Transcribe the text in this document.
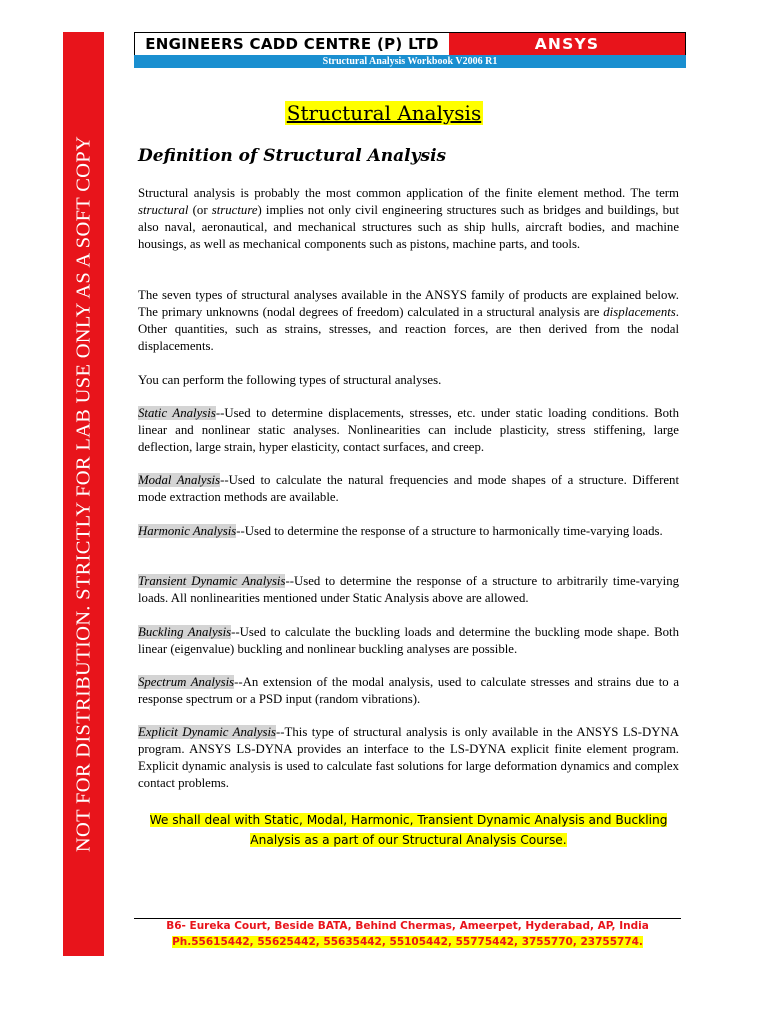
NOT FOR DISTRIBUTION. STRICTLY FOR LAB USE ONLY AS A SOFT COPY
ENGINEERS CADD CENTRE (P) LTD	ANSYS
Structural Analysis Workbook V2006 R1
Structural Analysis
Definition of Structural Analysis
Structural analysis is probably the most common application of the finite element method. The term structural (or structure) implies not only civil engineering structures such as bridges and buildings, but also naval, aeronautical, and mechanical structures such as ship hulls, aircraft bodies, and machine housings, as well as mechanical components such as pistons, machine parts, and tools.
The seven types of structural analyses available in the ANSYS family of products are explained below. The primary unknowns (nodal degrees of freedom) calculated in a structural analysis are displacements. Other quantities, such as strains, stresses, and reaction forces, are then derived from the nodal displacements.
You can perform the following types of structural analyses.
Static Analysis--Used to determine displacements, stresses, etc. under static loading conditions. Both linear and nonlinear static analyses. Nonlinearities can include plasticity, stress stiffening, large deflection, large strain, hyper elasticity, contact surfaces, and creep.
Modal Analysis--Used to calculate the natural frequencies and mode shapes of a structure. Different mode extraction methods are available.
Harmonic Analysis--Used to determine the response of a structure to harmonically time-varying loads.
Transient Dynamic Analysis--Used to determine the response of a structure to arbitrarily time-varying loads. All nonlinearities mentioned under Static Analysis above are allowed.
Buckling Analysis--Used to calculate the buckling loads and determine the buckling mode shape. Both linear (eigenvalue) buckling and nonlinear buckling analyses are possible.
Spectrum Analysis--An extension of the modal analysis, used to calculate stresses and strains due to a response spectrum or a PSD input (random vibrations).
Explicit Dynamic Analysis--This type of structural analysis is only available in the ANSYS LS-DYNA program. ANSYS LS-DYNA provides an interface to the LS-DYNA explicit finite element program. Explicit dynamic analysis is used to calculate fast solutions for large deformation dynamics and complex contact problems.
We shall deal with Static, Modal, Harmonic, Transient Dynamic Analysis and Buckling Analysis as a part of our Structural Analysis Course.
B6- Eureka Court, Beside BATA, Behind Chermas, Ameerpet, Hyderabad, AP, India
Ph.55615442, 55625442, 55635442, 55105442, 55775442, 3755770, 23755774.
